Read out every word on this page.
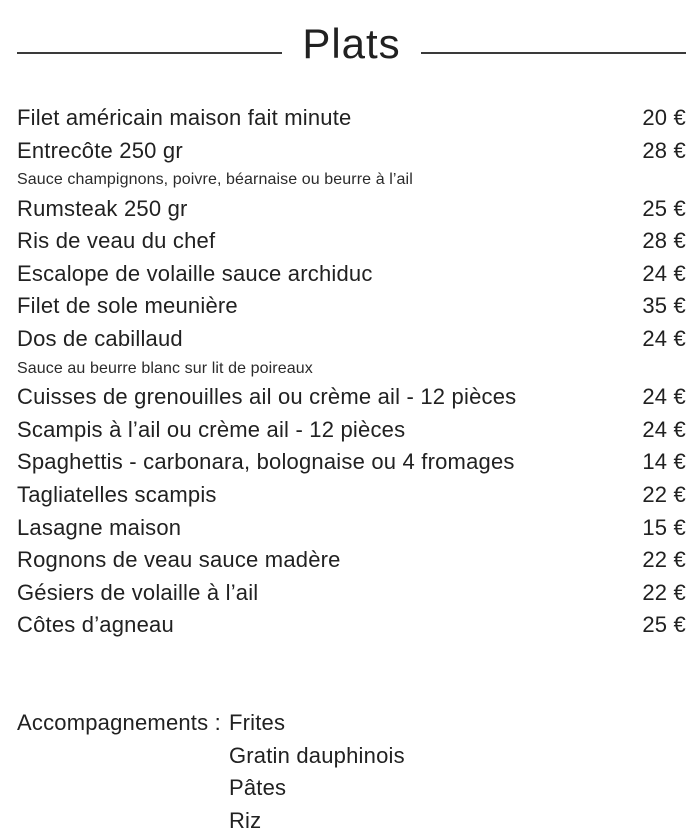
Plats
Filet américain maison fait minute	20 €
Entrecôte 250 gr	28 €
Sauce champignons, poivre, béarnaise ou beurre à l’ail
Rumsteak 250 gr	25 €
Ris de veau du chef	28 €
Escalope de volaille sauce archiduc	24 €
Filet de sole meunière	35 €
Dos de cabillaud	24 €
Sauce au beurre blanc sur lit de poireaux
Cuisses de grenouilles ail ou crème ail - 12 pièces	24 €
Scampis à l’ail ou crème ail - 12 pièces	24 €
Spaghettis - carbonara, bolognaise ou 4 fromages	14 €
Tagliatelles scampis	22 €
Lasagne maison	15 €
Rognons de veau sauce madère	22 €
Gésiers de volaille à l’ail	22 €
Côtes d’agneau	25 €
Accompagnements : Frites
Gratin dauphinois
Pâtes
Riz
